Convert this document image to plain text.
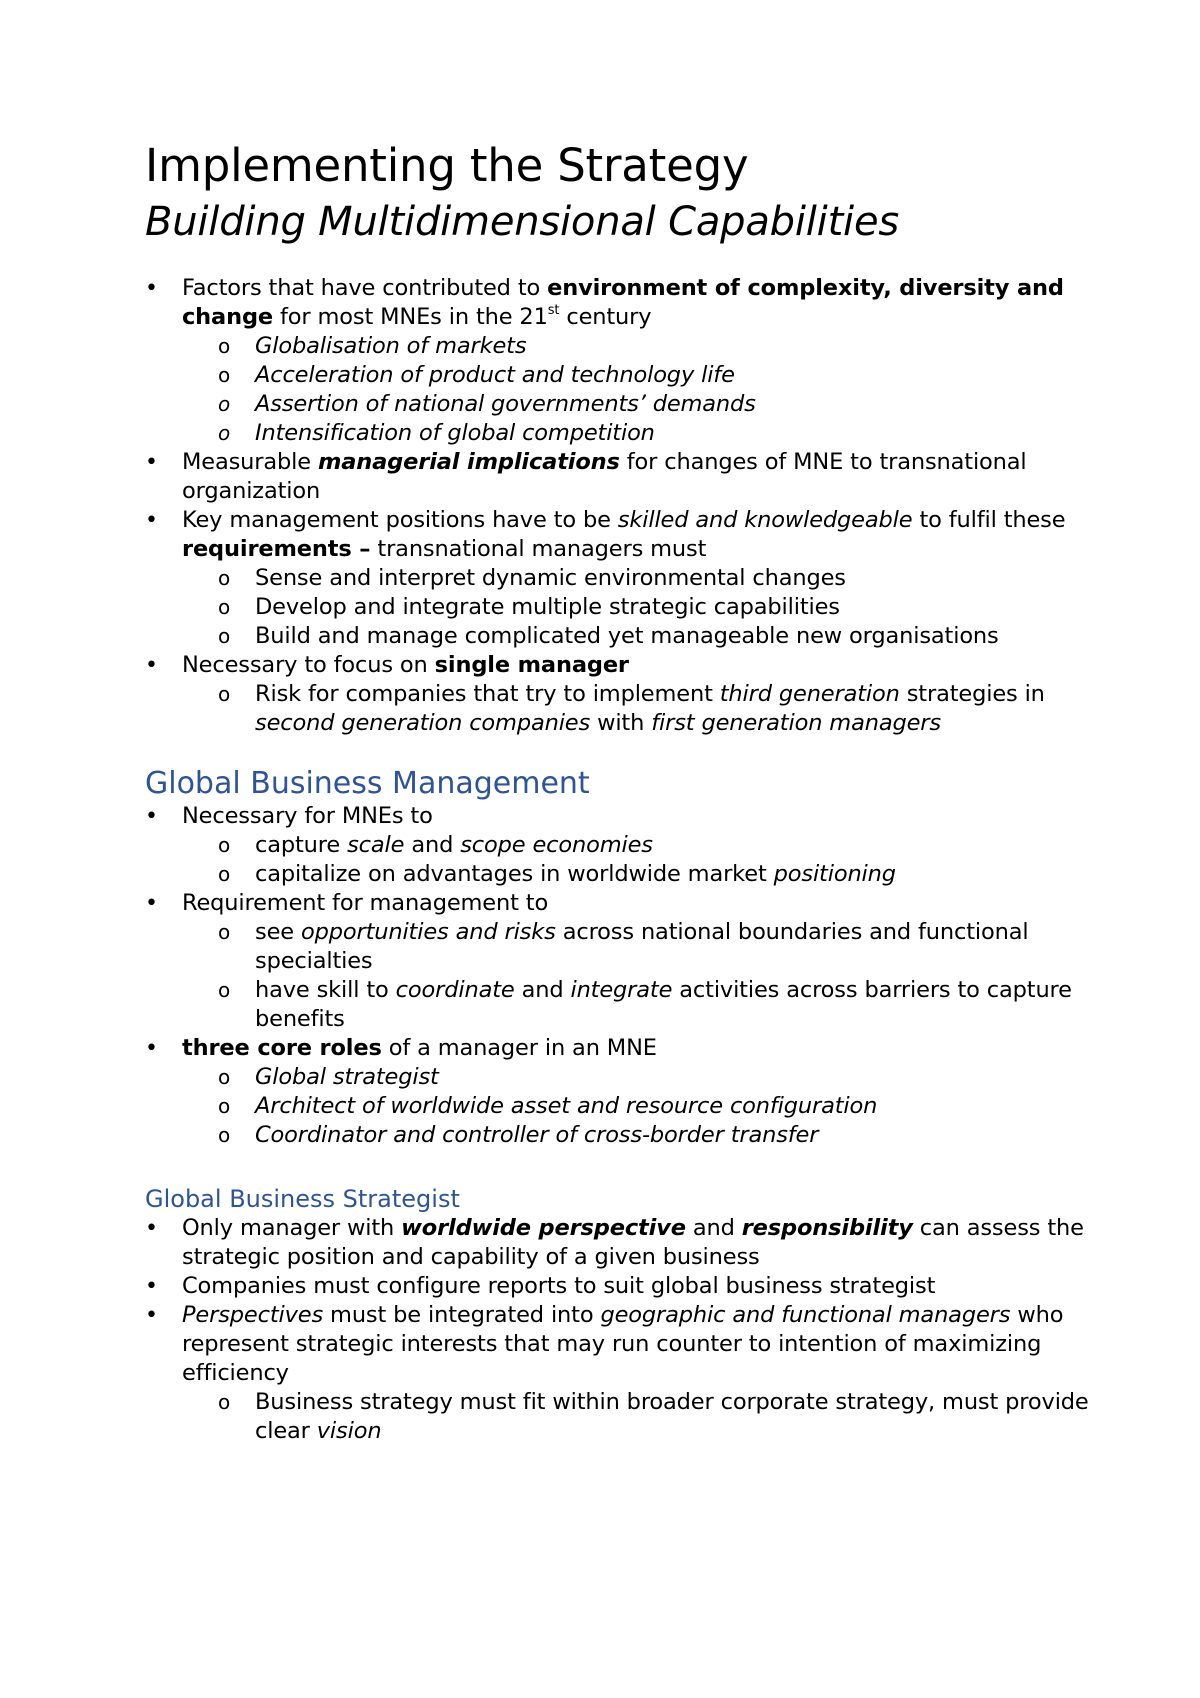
Implementing the Strategy
Building Multidimensional Capabilities
• Factors that have contributed to environment of complexity, diversity and change for most MNEs in the 21st century
o Globalisation of markets
o Acceleration of product and technology life
o Assertion of national governments’ demands
o Intensification of global competition
• Measurable managerial implications for changes of MNE to transnational organization
• Key management positions have to be skilled and knowledgeable to fulfil these requirements – transnational managers must
o Sense and interpret dynamic environmental changes
o Develop and integrate multiple strategic capabilities
o Build and manage complicated yet manageable new organisations
• Necessary to focus on single manager
o Risk for companies that try to implement third generation strategies in second generation companies with first generation managers
Global Business Management
• Necessary for MNEs to
o capture scale and scope economies
o capitalize on advantages in worldwide market positioning
• Requirement for management to
o see opportunities and risks across national boundaries and functional specialties
o have skill to coordinate and integrate activities across barriers to capture benefits
• three core roles of a manager in an MNE
o Global strategist
o Architect of worldwide asset and resource configuration
o Coordinator and controller of cross-border transfer
Global Business Strategist
• Only manager with worldwide perspective and responsibility can assess the strategic position and capability of a given business
• Companies must configure reports to suit global business strategist
• Perspectives must be integrated into geographic and functional managers who represent strategic interests that may run counter to intention of maximizing efficiency
o Business strategy must fit within broader corporate strategy, must provide clear vision
